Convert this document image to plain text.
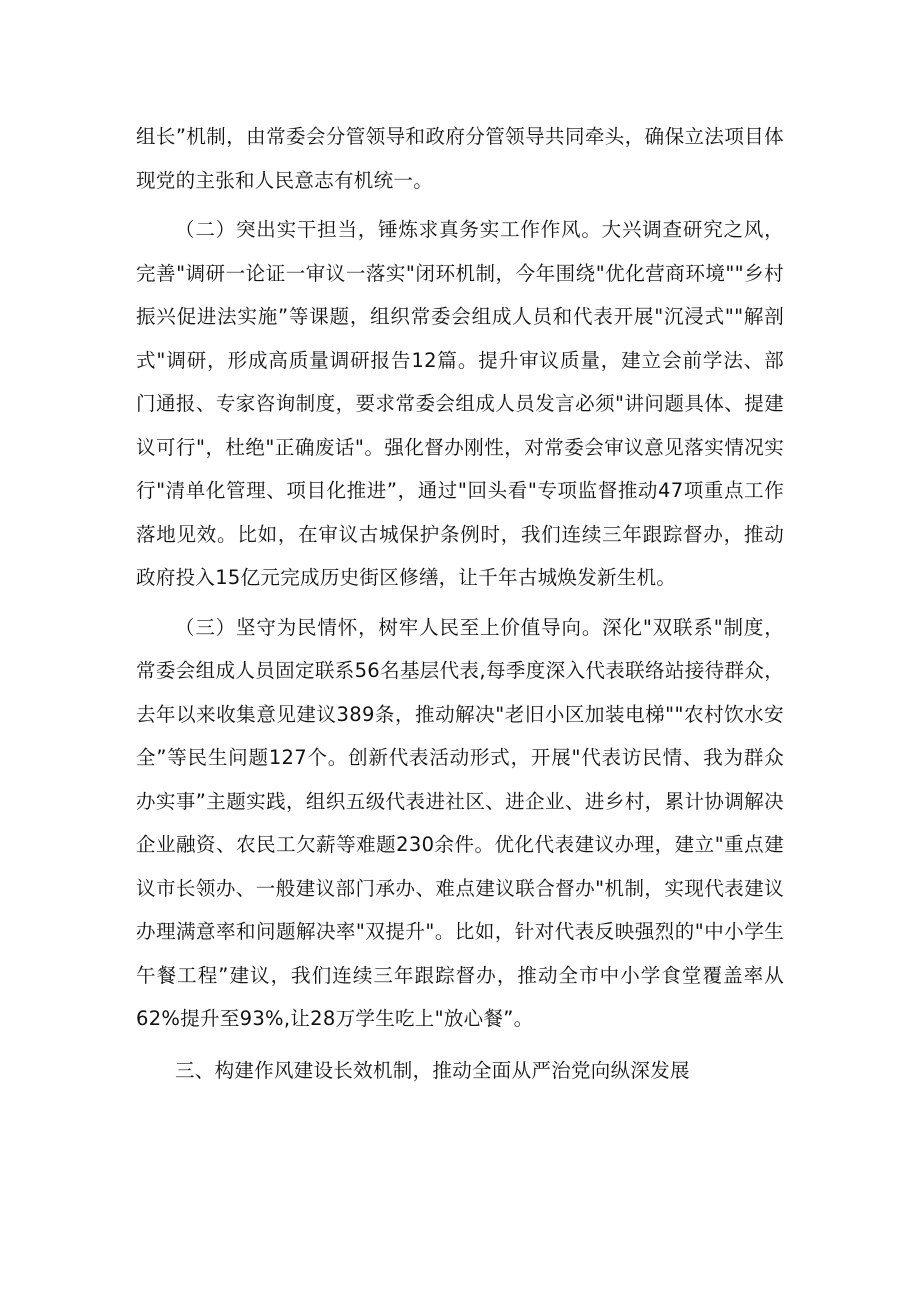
组长”机制，由常委会分管领导和政府分管领导共同牵头，确保立法项目体现党的主张和人民意志有机统一。

（二）突出实干担当，锤炼求真务实工作作风。大兴调查研究之风，完善"调研一论证一审议一落实"闭环机制，今年围绕"优化营商环境""乡村振兴促进法实施”等课题，组织常委会组成人员和代表开展"沉浸式""解剖式"调研，形成高质量调研报告12篇。提升审议质量，建立会前学法、部门通报、专家咨询制度，要求常委会组成人员发言必须"讲问题具体、提建议可行"，杜绝"正确废话"。强化督办刚性，对常委会审议意见落实情况实行"清单化管理、项目化推进”，通过"回头看"专项监督推动47项重点工作落地见效。比如，在审议古城保护条例时，我们连续三年跟踪督办，推动政府投入15亿元完成历史街区修缮，让千年古城焕发新生机。

（三）坚守为民情怀，树牢人民至上价值导向。深化"双联系"制度，常委会组成人员固定联系56名基层代表,每季度深入代表联络站接待群众，去年以来收集意见建议389条，推动解决"老旧小区加装电梯""农村饮水安全”等民生问题127个。创新代表活动形式，开展"代表访民情、我为群众办实事”主题实践，组织五级代表进社区、进企业、进乡村，累计协调解决企业融资、农民工欠薪等难题230余件。优化代表建议办理，建立"重点建议市长领办、一般建议部门承办、难点建议联合督办"机制，实现代表建议办理满意率和问题解决率"双提升"。比如，针对代表反映强烈的"中小学生午餐工程”建议，我们连续三年跟踪督办，推动全市中小学食堂覆盖率从62%提升至93%,让28万学生吃上"放心餐”。

三、构建作风建设长效机制，推动全面从严治党向纵深发展
